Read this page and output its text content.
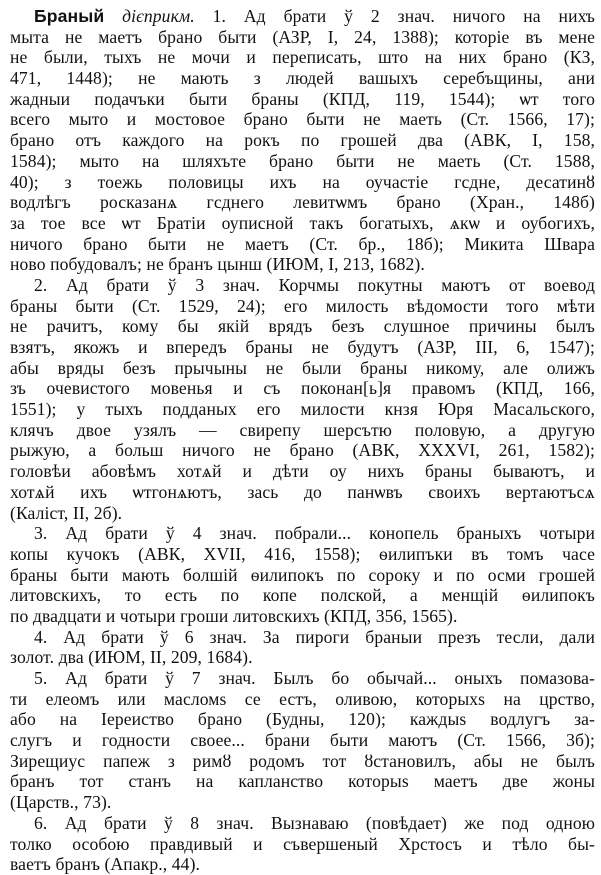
Браный дієприкм. 1. Ад брати ў 2 знач. ничого на нихъ
мыта не маетъ брано быти (АЗР, І, 24, 1388); которіе въ мене
не были, тыхъ не мочи и переписать, што на них брано (КЗ,
471, 1448); не мають з людей вашыхъ серебъщины, ани
жадныи подачъки быти браны (КПД, 119, 1544); ѡт того
всего мыто и мостовое брано быти не маеть (Ст. 1566, 17);
брано отъ каждого на рокъ по грошей два (АВК, І, 158,
1584); мыто на шляхъте брано быти не маеть (Ст. 1588,
40); з тоежь половицы ихъ на оучастіе гсдне, десатинȣ
водлѣгъ росказанѧ гсднего левитѡмъ брано (Хран., 148б)
за тое все ѡт Братіи оуписной такъ богатыхъ, ѧкѡ и оубогихъ,
ничого брано быти не маетъ (Ст. бр., 18б); Микита Швара
ново побудовалъ; не бранъ цынш (ИЮМ, І, 213, 1682).
2. Ад брати ў 3 знач. Корчмы покутны маютъ от воевод
браны быти (Ст. 1529, 24); его милость вѣдомости того мѣти
не рачитъ, кому бы якій врядъ безъ слушное причины былъ
взятъ, якожъ и впередъ браны не будутъ (АЗР, ІІІ, 6, 1547);
абы вряды безъ прычыны не были браны никому, але олижъ
зъ очевистого мовенья и съ поконан[ь]я правомъ (КПД, 166,
1551); у тыхъ подданых его милости кнзя Юря Масальского,
клячъ двое узялъ — свирепу шерсътю половую, а другую
рыжую, а больш ничого не брано (АВК, XXXVI, 261, 1582);
головѣи абовѣмъ хотѧй и дѣти оу нихъ браны бываютъ, и
хотѧй ихъ ѡтгонѧютъ, зась до панѡвъ своихъ вертаютъсѧ
(Калiст, ІІ, 2б).
3. Ад брати ў 4 знач. побрали... конопель браныхъ чотыри
копы кучокъ (АВК, XVII, 416, 1558); ѳилипъки въ томъ часе
браны быти мають болшій ѳилипокъ по сороку и по осми грошей
литовскихъ, то есть по копе полской, а менщій ѳилипокъ
по двадцати и чотыри гроши литовскихъ (КПД, 356, 1565).
4. Ад брати ў 6 знач. За пироги браныи презъ тесли, дали
золот. два (ИЮМ, ІІ, 209, 1684).
5. Ад брати ў 7 знач. Былъ бо обычай... оныхъ помазова-
ти елеомъ или масломѕ се естъ, оливою, которыхѕ на црство,
або на Іереиство брано (Будны, 120); каждыѕ водлугъ за-
слугъ и годности своее... брани быти маютъ (Ст. 1566, 3б);
Зирещиус папеж з римȣ родомъ тот ȣстановилъ, абы не былъ
бранъ тот станъ на капланство которыѕ маетъ две жоны
(Царств., 73).
6. Ад брати ў 8 знач. Вызнаваю (повѣдает) же под одною
толко особою правдивый и съвершеный Хрстосъ и тѣло бы-
ваетъ бранъ (Апакр., 44).
